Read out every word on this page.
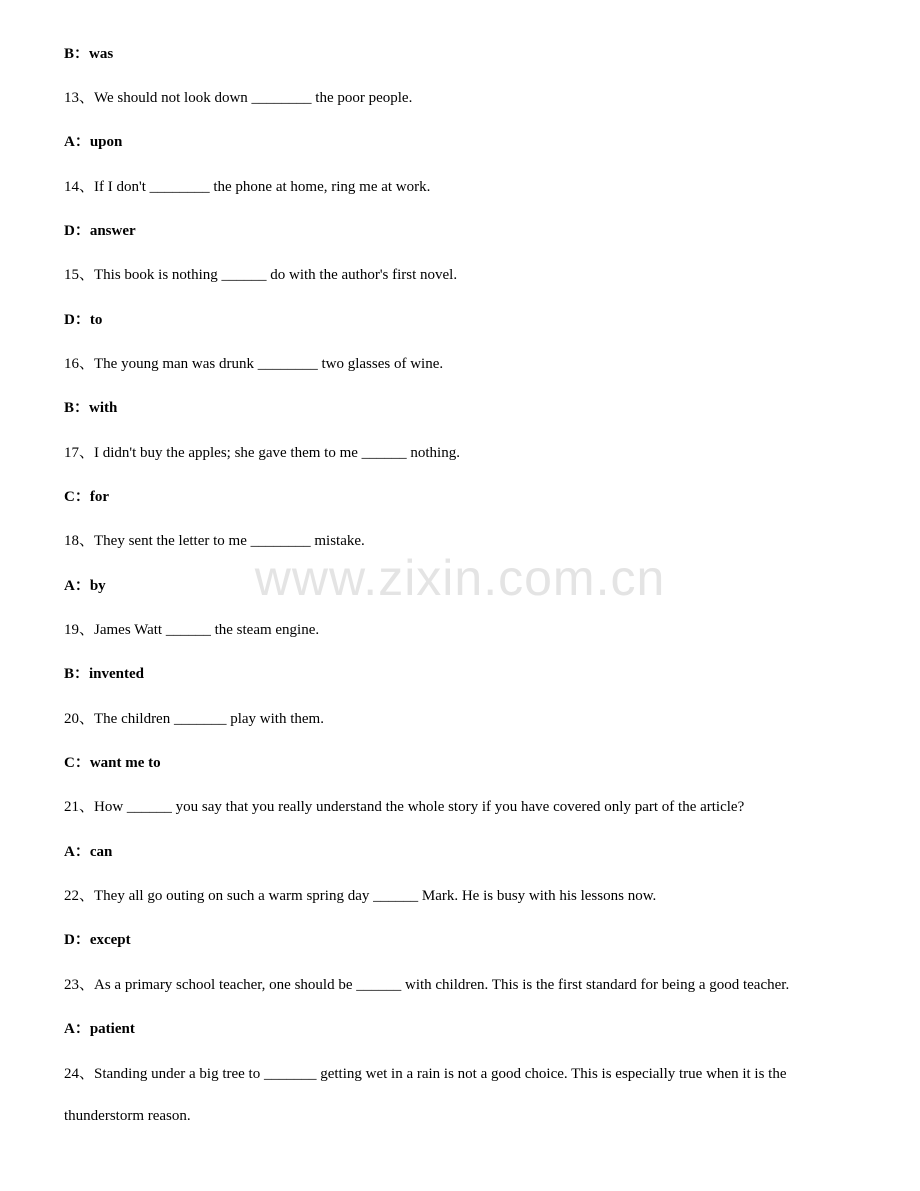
B：was
13、We should not look down ________ the poor people.
A：upon
14、If I don't ________ the phone at home, ring me at work.
D：answer
15、This book is nothing ______ do with the author's first novel.
D：to
16、The young man was drunk ________ two glasses of wine.
B：with
17、I didn't buy the apples; she gave them to me ______ nothing.
C：for
18、They sent the letter to me ________ mistake.
A：by
19、James Watt ______ the steam engine.
B：invented
20、The children _______ play with them.
C：want me to
21、How ______ you say that you really understand the whole story if you have covered only part of the article?
A：can
22、They all go outing on such a warm spring day ______ Mark. He is busy with his lessons now.
D：except
23、As a primary school teacher, one should be ______ with children. This is the first standard for being a good teacher.
A：patient
24、Standing under a big tree to _______ getting wet in a rain is not a good choice. This is especially true when it is the
thunderstorm reason.
www.zixin.com.cn
